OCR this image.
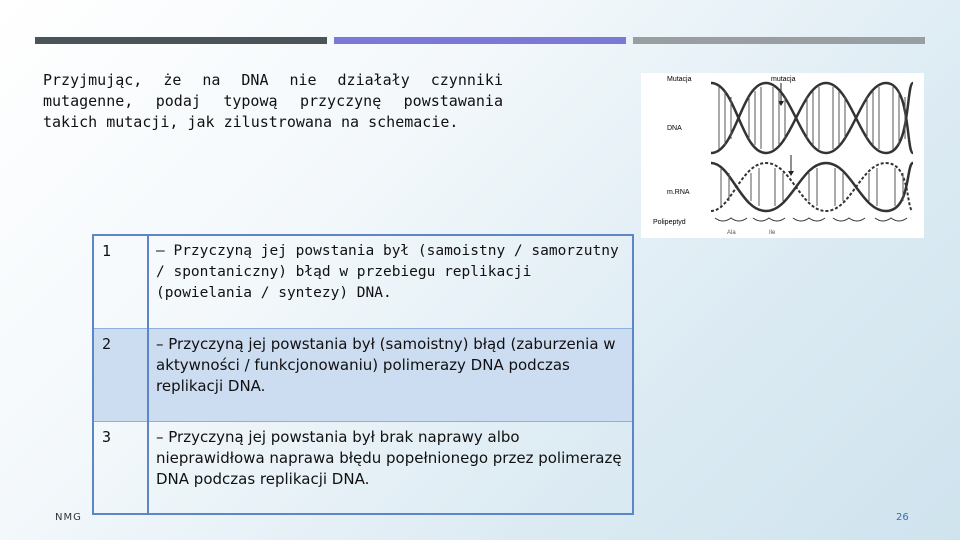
Przyjmując, że na DNA nie działały czynniki mutagenne, podaj typową przyczynę powstawania takich mutacji, jak zilustrowana na schemacie.
Mutacja	mutacja
DNA
m.RNA
Polipeptyd
Ala	Ile
1	– Przyczyną jej powstania był (samoistny / samorzutny / spontaniczny) błąd w przebiegu replikacji (powielania / syntezy) DNA.
2	– Przyczyną jej powstania był (samoistny) błąd (zaburzenia w aktywności / funkcjonowaniu) polimerazy DNA podczas replikacji DNA.
3	– Przyczyną jej powstania był brak naprawy albo nieprawidłowa naprawa błędu popełnionego przez polimerazę DNA podczas replikacji DNA.
NMG	26
